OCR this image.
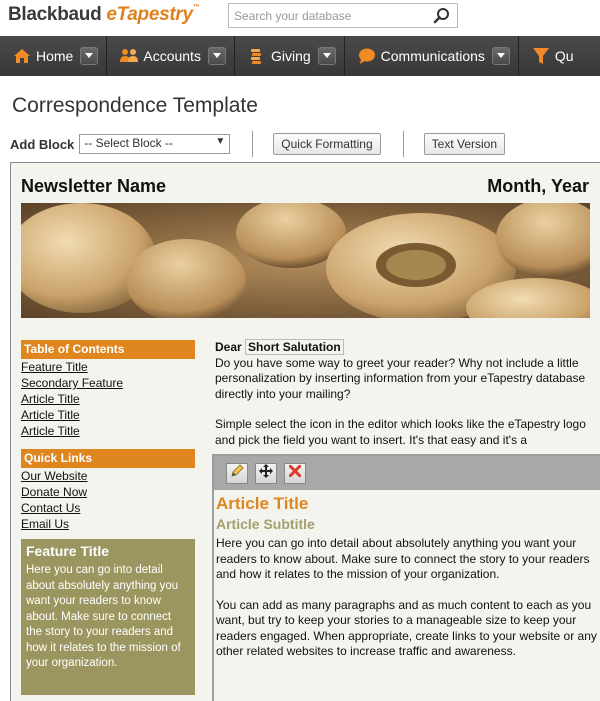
Blackbaud eTapestry™
Search your database
Home	Accounts	Giving	Communications	Qu
Correspondence Template
Add Block -- Select Block --	▼	Quick Formatting	Text Version
Newsletter Name	Month, Year
Table of Contents
Feature Title
Secondary Feature
Article Title
Article Title
Article Title
Quick Links
Our Website
Donate Now
Contact Us
Email Us
Feature Title
Here you can go into detail about absolutely anything you want your readers to know about. Make sure to connect the story to your readers and how it relates to the mission of your organization.
Dear Short Salutation
Do you have some way to greet your reader? Why not include a little personalization by inserting information from your eTapestry database directly into your mailing?
Simple select the icon in the editor which looks like the eTapestry logo and pick the field you want to insert. It's that easy and it's a
Article Title
Article Subtitle
Here you can go into detail about absolutely anything you want your readers to know about. Make sure to connect the story to your readers and how it relates to the mission of your organization.
You can add as many paragraphs and as much content to each as you want, but try to keep your stories to a manageable size to keep your readers engaged. When appropriate, create links to your website or any other related websites to increase traffic and awareness.
